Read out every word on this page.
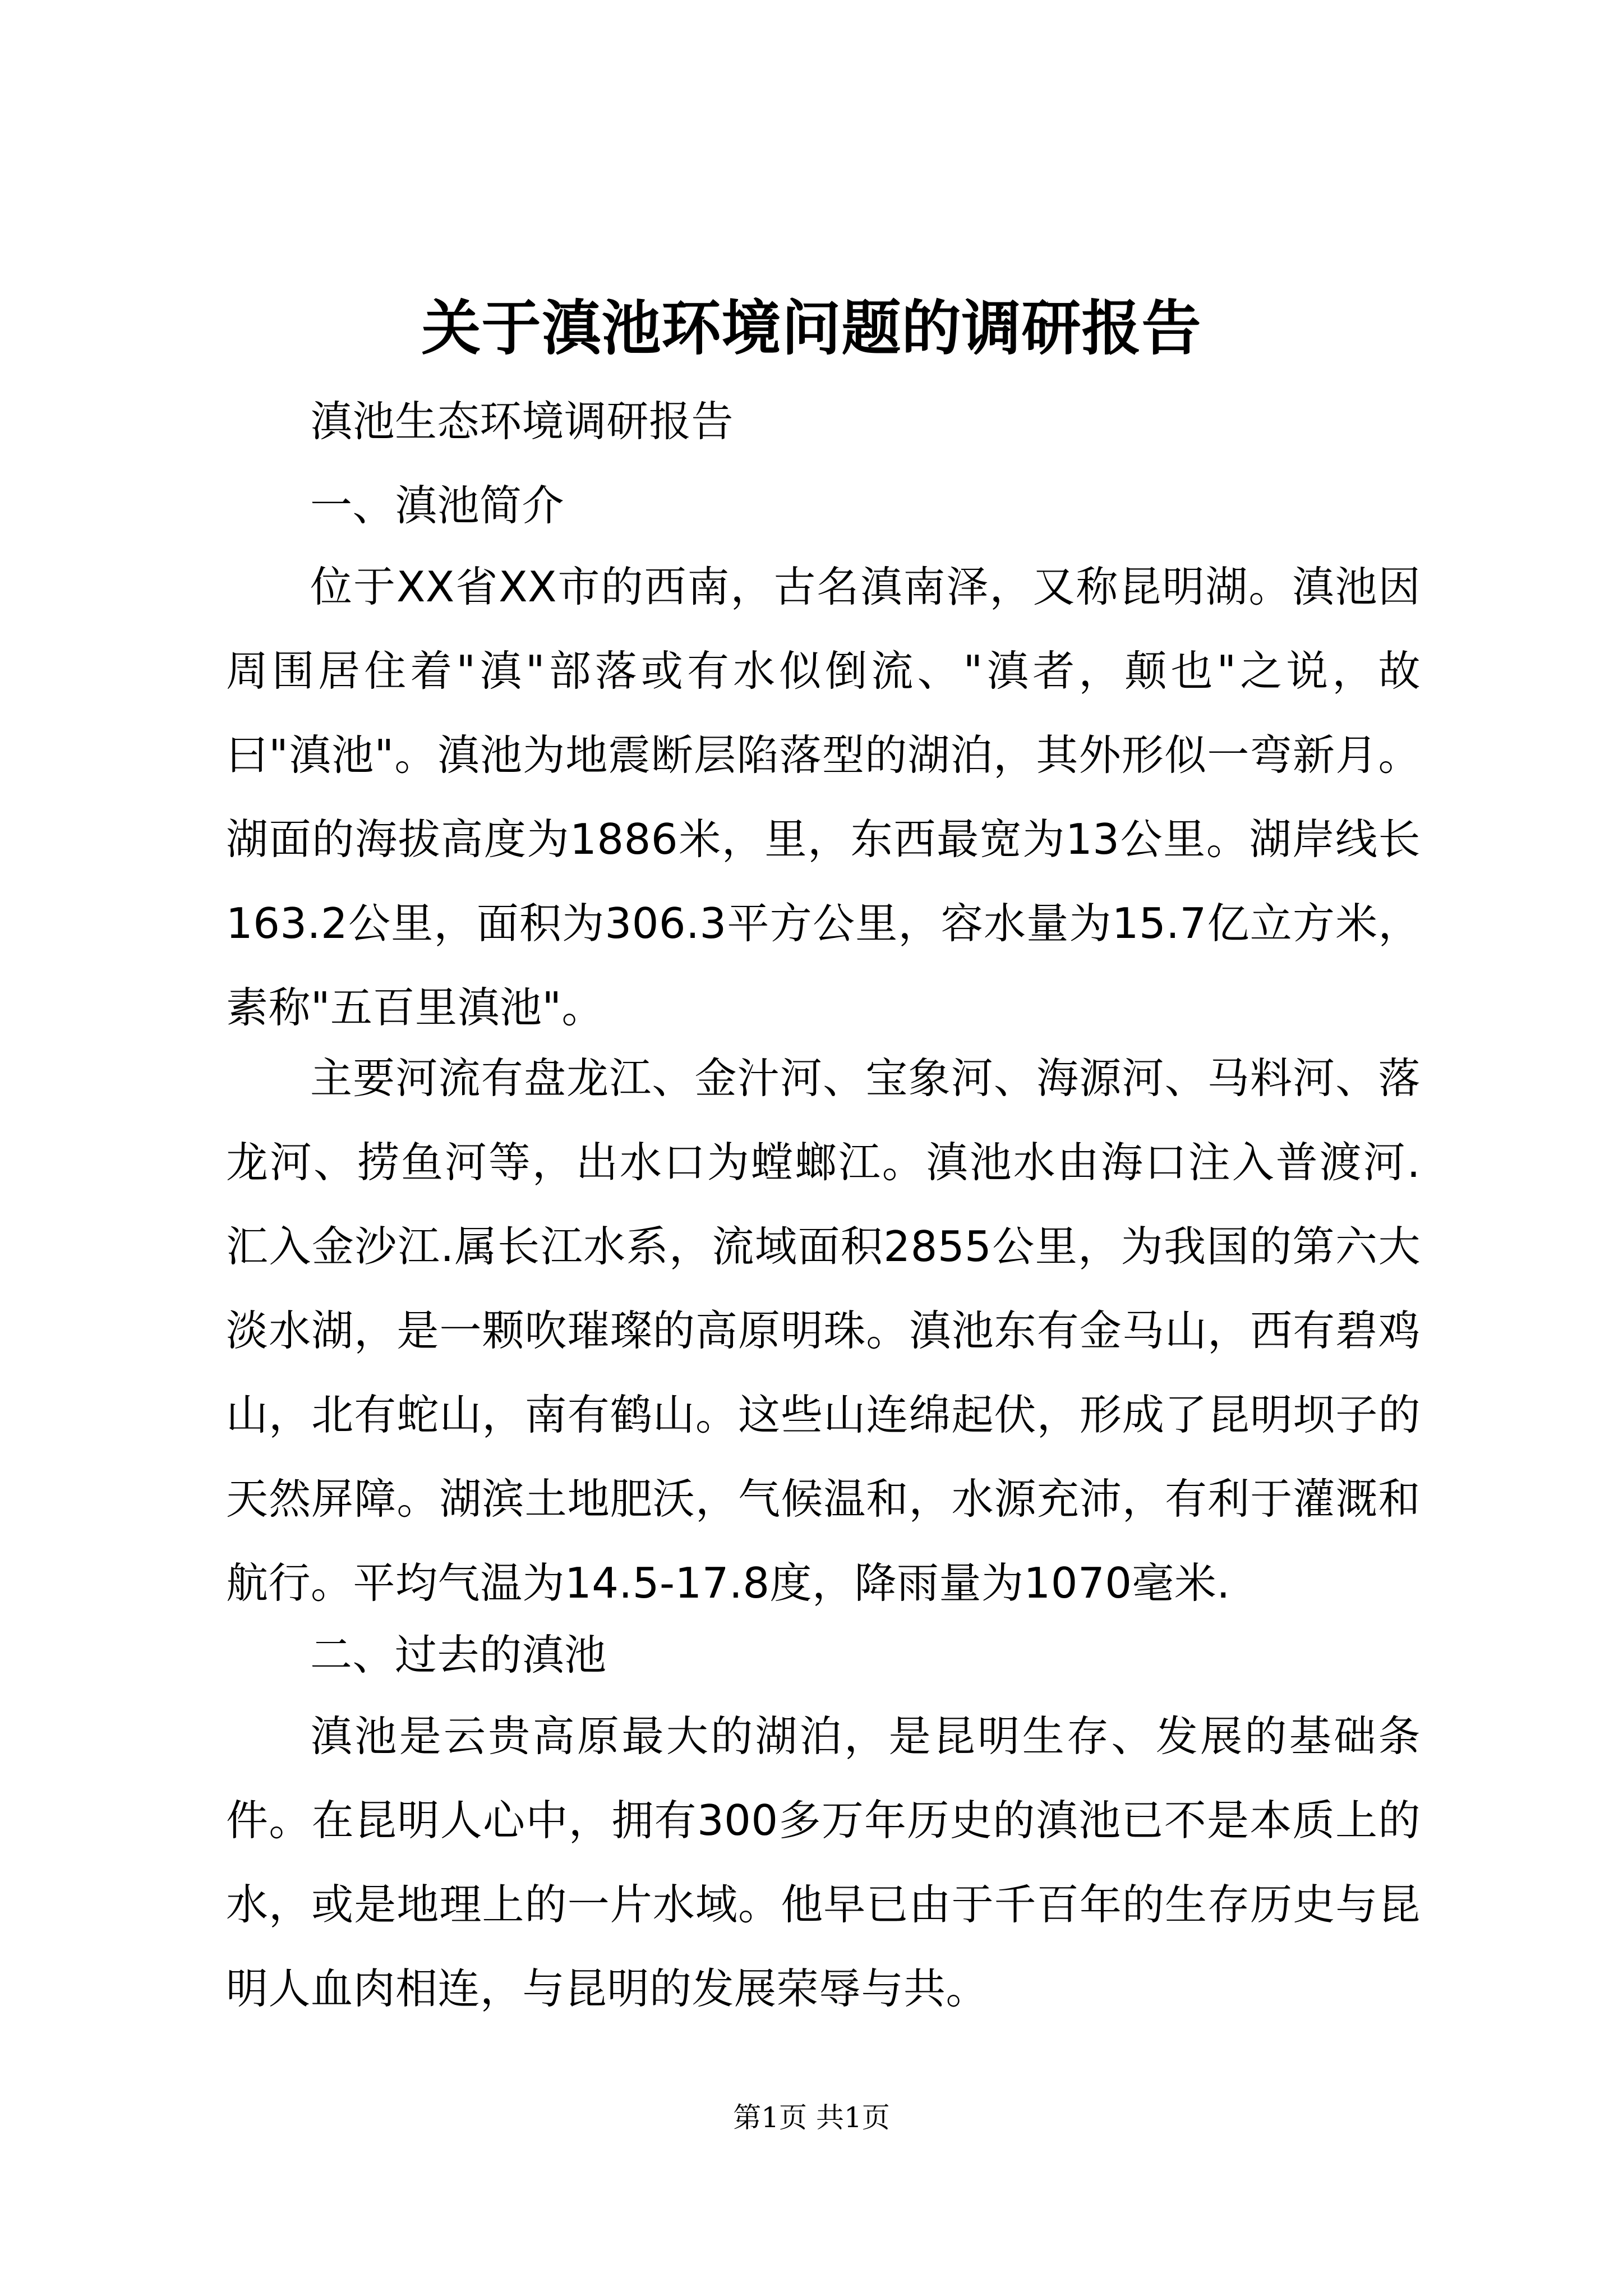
关于滇池环境问题的调研报告

滇池生态环境调研报告

一、滇池简介

位于XX省XX市的西南，古名滇南泽，又称昆明湖。滇池因周围居住着"滇"部落或有水似倒流、"滇者，颠也"之说，故曰"滇池"。滇池为地震断层陷落型的湖泊，其外形似一弯新月。湖面的海拔高度为1886米，里，东西最宽为13公里。湖岸线长163.2公里，面积为306.3平方公里，容水量为15.7亿立方米，素称"五百里滇池"。

主要河流有盘龙江、金汁河、宝象河、海源河、马料河、落龙河、捞鱼河等，出水口为螳螂江。滇池水由海口注入普渡河.汇入金沙江.属长江水系，流域面积2855公里，为我国的第六大淡水湖，是一颗吹璀璨的高原明珠。滇池东有金马山，西有碧鸡山，北有蛇山，南有鹤山。这些山连绵起伏，形成了昆明坝子的天然屏障。湖滨土地肥沃，气候温和，水源充沛，有利于灌溉和航行。平均气温为14.5-17.8度，降雨量为1070毫米.

二、过去的滇池

滇池是云贵高原最大的湖泊，是昆明生存、发展的基础条件。在昆明人心中，拥有300多万年历史的滇池已不是本质上的水，或是地理上的一片水域。他早已由于千百年的生存历史与昆明人血肉相连，与昆明的发展荣辱与共。

第1页 共1页
